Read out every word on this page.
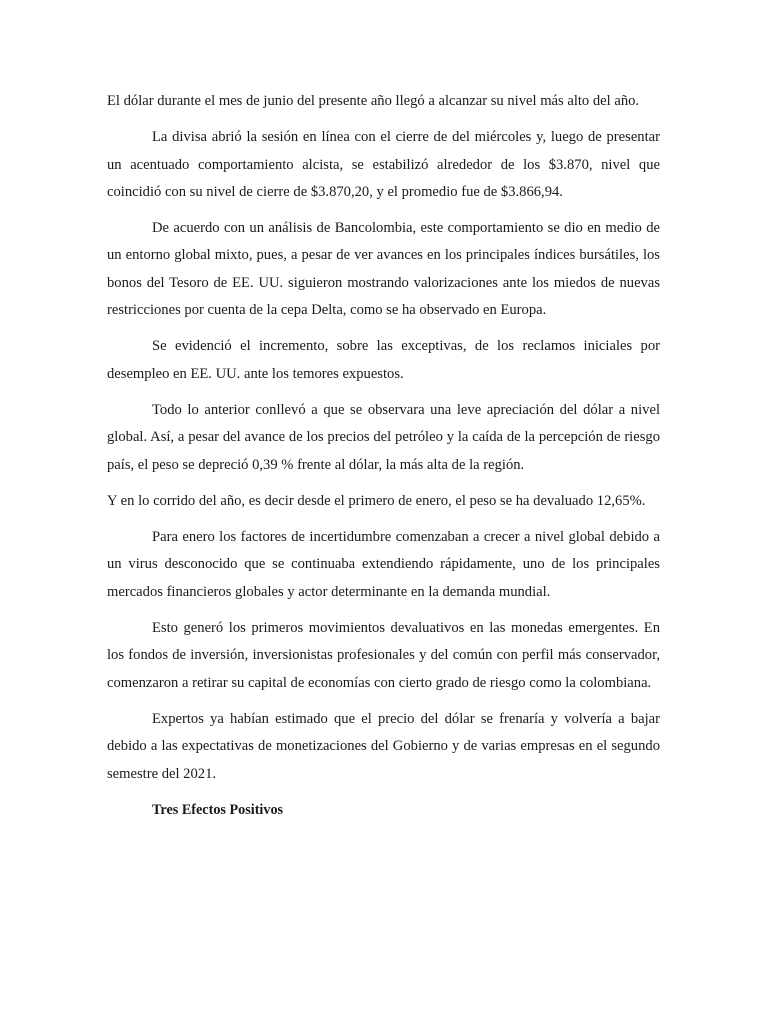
El dólar durante el mes de junio del presente año llegó a alcanzar su nivel más alto del año.

La divisa abrió la sesión en línea con el cierre de del miércoles y, luego de presentar un acentuado comportamiento alcista, se estabilizó alrededor de los $3.870, nivel que coincidió con su nivel de cierre de $3.870,20, y el promedio fue de $3.866,94.

De acuerdo con un análisis de Bancolombia, este comportamiento se dio en medio de un entorno global mixto, pues, a pesar de ver avances en los principales índices bursátiles, los bonos del Tesoro de EE. UU. siguieron mostrando valorizaciones ante los miedos de nuevas restricciones por cuenta de la cepa Delta, como se ha observado en Europa.

Se evidenció el incremento, sobre las exceptivas, de los reclamos iniciales por desempleo en EE. UU. ante los temores expuestos.

Todo lo anterior conllevó a que se observara una leve apreciación del dólar a nivel global. Así, a pesar del avance de los precios del petróleo y la caída de la percepción de riesgo país, el peso se depreció 0,39 % frente al dólar, la más alta de la región.

Y en lo corrido del año, es decir desde el primero de enero, el peso se ha devaluado 12,65%.

Para enero los factores de incertidumbre comenzaban a crecer a nivel global debido a un virus desconocido que se continuaba extendiendo rápidamente, uno de los principales mercados financieros globales y actor determinante en la demanda mundial.

Esto generó los primeros movimientos devaluativos en las monedas emergentes. En los fondos de inversión, inversionistas profesionales y del común con perfil más conservador, comenzaron a retirar su capital de economías con cierto grado de riesgo como la colombiana.

Expertos ya habían estimado que el precio del dólar se frenaría y volvería a bajar debido a las expectativas de monetizaciones del Gobierno y de varias empresas en el segundo semestre del 2021.

Tres Efectos Positivos
